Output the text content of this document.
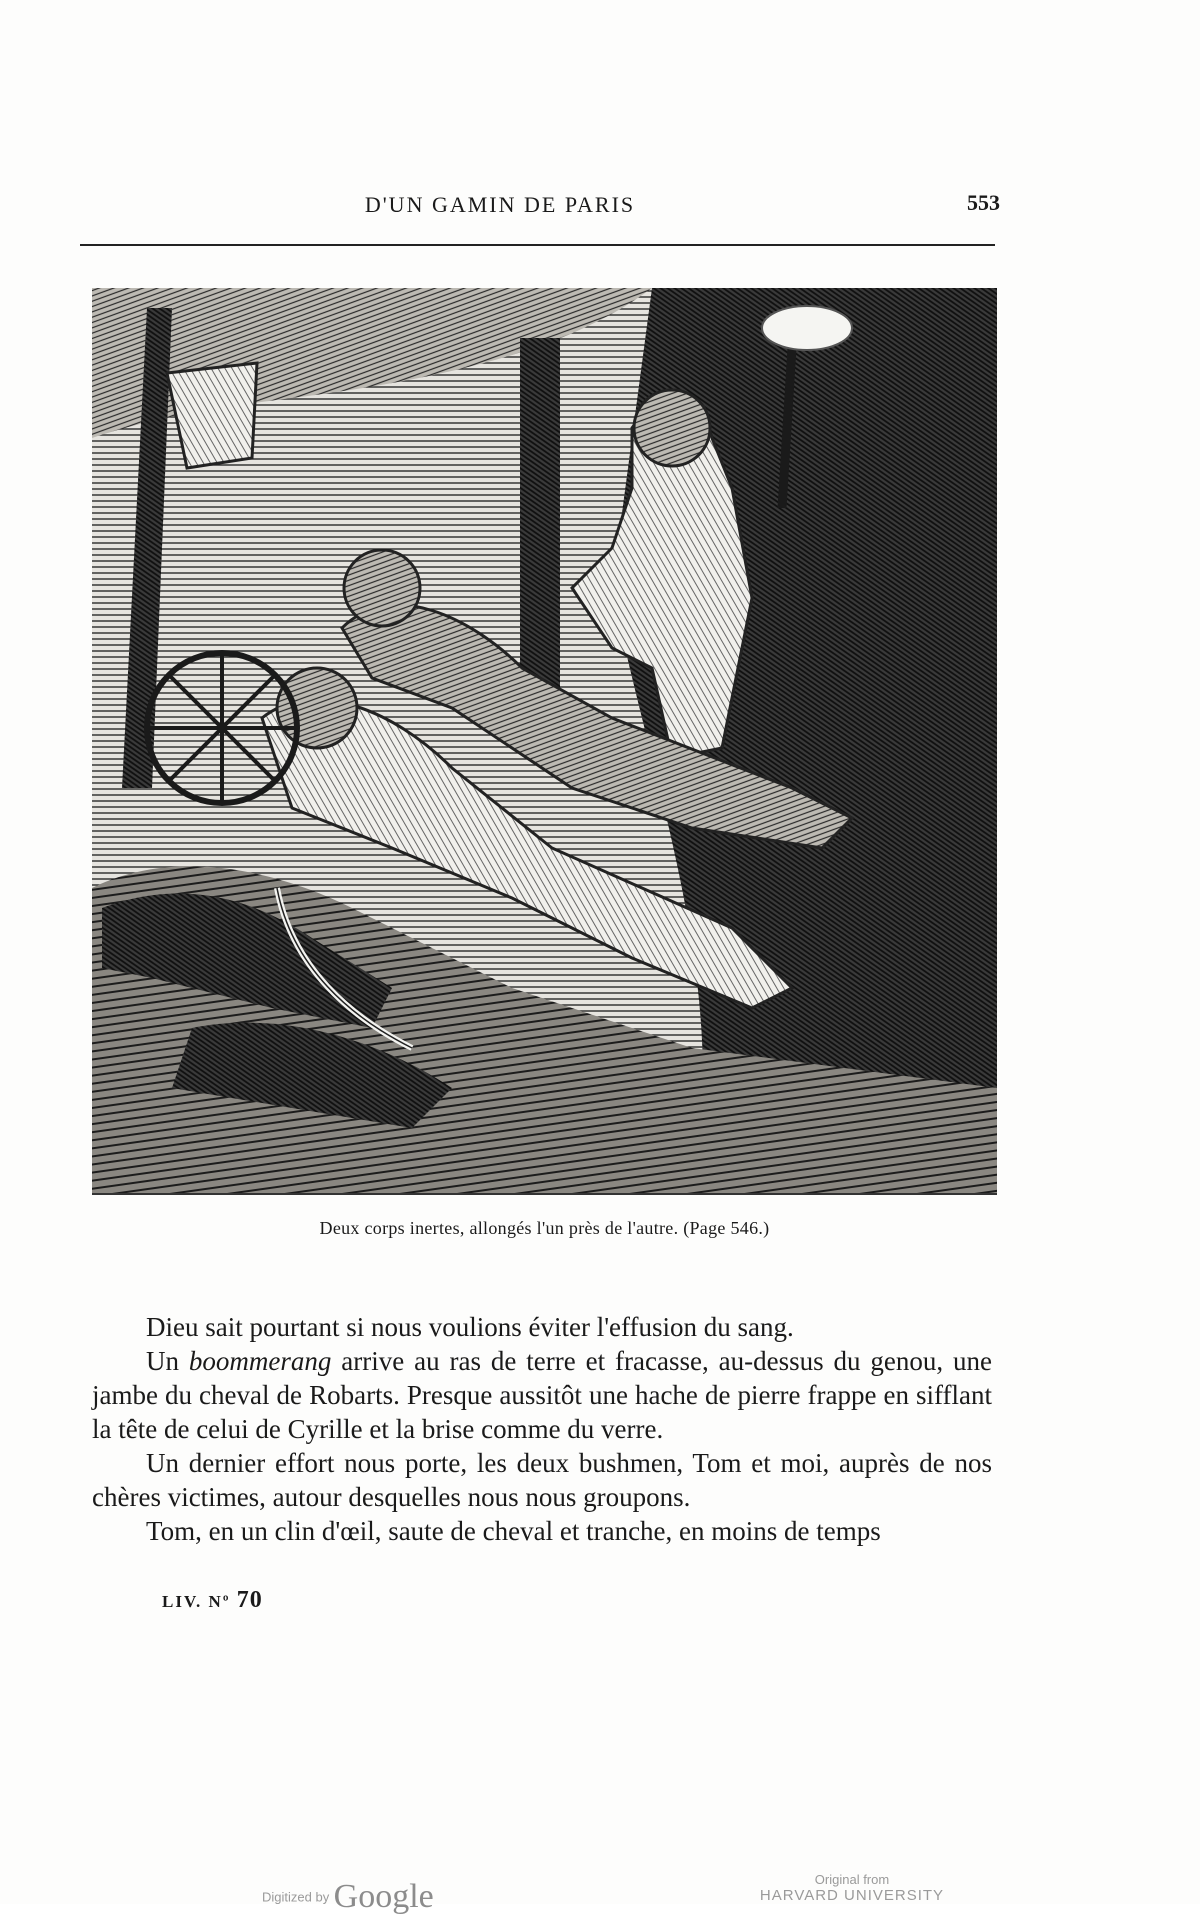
D'UN GAMIN DE PARIS	553
Deux corps inertes, allongés l'un près de l'autre. (Page 546.)

Dieu sait pourtant si nous voulions éviter l'effusion du sang.

Un boommerang arrive au ras de terre et fracasse, au-dessus du genou, une jambe du cheval de Robarts. Presque aussitôt une hache de pierre frappe en sifflant la tête de celui de Cyrille et la brise comme du verre.

Un dernier effort nous porte, les deux bushmen, Tom et moi, auprès de nos chères victimes, autour desquelles nous nous groupons.

Tom, en un clin d'œil, saute de cheval et tranche, en moins de temps

LIV. Nº 70
Digitized by Google	Original from
HARVARD UNIVERSITY
